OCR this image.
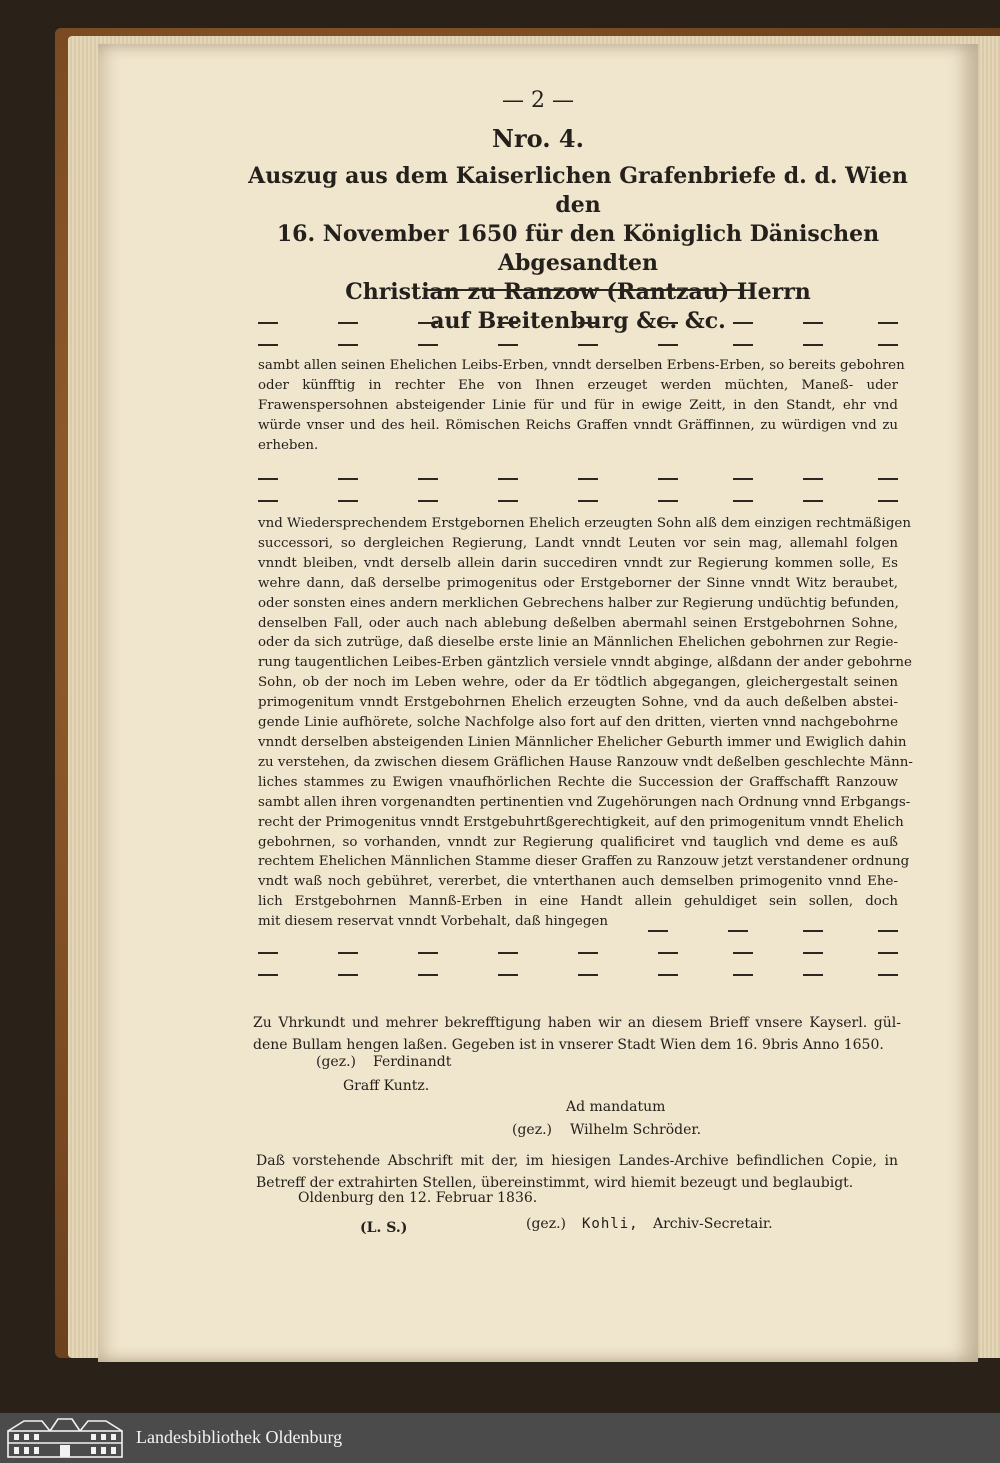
— 2 —
Nro. 4.
Auszug aus dem Kaiserlichen Grafenbriefe d. d. Wien den
16. November 1650 für den Königlich Dänischen Abgesandten
Christian zu Ranzow (Rantzau) Herrn
auf Breitenburg &c. &c.
sambt allen seinen Ehelichen Leibs-Erben, vnndt derselben Erbens-Erben, so bereits gebohren
oder künfftig in rechter Ehe von Ihnen erzeuget werden müchten, Maneß- uder
Frawenspersohnen absteigender Linie für und für in ewige Zeitt, in den Standt, ehr vnd
würde vnser und des heil. Römischen Reichs Graffen vnndt Gräffinnen, zu würdigen vnd zu
erheben.
vnd Wiedersprechendem Erstgebornen Ehelich erzeugten Sohn alß dem einzigen rechtmäßigen
successori, so dergleichen Regierung, Landt vnndt Leuten vor sein mag, allemahl folgen
vnndt bleiben, vndt derselb allein darin succediren vnndt zur Regierung kommen solle, Es
wehre dann, daß derselbe primogenitus oder Erstgeborner der Sinne vnndt Witz beraubet,
oder sonsten eines andern merklichen Gebrechens halber zur Regierung undüchtig befunden,
denselben Fall, oder auch nach ablebung deßelben abermahl seinen Erstgebohrnen Sohne,
oder da sich zutrüge, daß dieselbe erste linie an Männlichen Ehelichen gebohrnen zur Regie-
rung taugentlichen Leibes-Erben gäntzlich versiele vnndt abginge, alßdann der ander gebohrne
Sohn, ob der noch im Leben wehre, oder da Er tödtlich abgegangen, gleichergestalt seinen
primogenitum vnndt Erstgebohrnen Ehelich erzeugten Sohne, vnd da auch deßelben abstei-
gende Linie aufhörete, solche Nachfolge also fort auf den dritten, vierten vnnd nachgebohrne
vnndt derselben absteigenden Linien Männlicher Ehelicher Geburth immer und Ewiglich dahin
zu verstehen, da zwischen diesem Gräflichen Hause Ranzouw vndt deßelben geschlechte Männ-
liches stammes zu Ewigen vnaufhörlichen Rechte die Succession der Graffschafft Ranzouw
sambt allen ihren vorgenandten pertinentien vnd Zugehörungen nach Ordnung vnnd Erbgangs-
recht der Primogenitus vnndt Erstgebuhrtßgerechtigkeit, auf den primogenitum vnndt Ehelich
gebohrnen, so vorhanden, vnndt zur Regierung qualificiret vnd tauglich vnd deme es auß
rechtem Ehelichen Männlichen Stamme dieser Graffen zu Ranzouw jetzt verstandener ordnung
vndt waß noch gebühret, vererbet, die vnterthanen auch demselben primogenito vnnd Ehe-
lich Erstgebohrnen Mannß-Erben in eine Handt allein gehuldiget sein sollen, doch
mit diesem reservat vnndt Vorbehalt, daß hingegen
Zu Vhrkundt und mehrer bekrefftigung haben wir an diesem Brieff vnsere Kayserl. gül-
dene Bullam hengen laßen. Gegeben ist in vnserer Stadt Wien dem 16. 9bris Anno 1650.
(gez.) Ferdinandt
Graff Kuntz.
Ad mandatum
(gez.) Wilhelm Schröder.
Daß vorstehende Abschrift mit der, im hiesigen Landes-Archive befindlichen Copie, in
Betreff der extrahirten Stellen, übereinstimmt, wird hiemit bezeugt und beglaubigt.
Oldenburg den 12. Februar 1836.
(L. S.)	(gez.) Kohli, Archiv-Secretair.
Landesbibliothek Oldenburg
